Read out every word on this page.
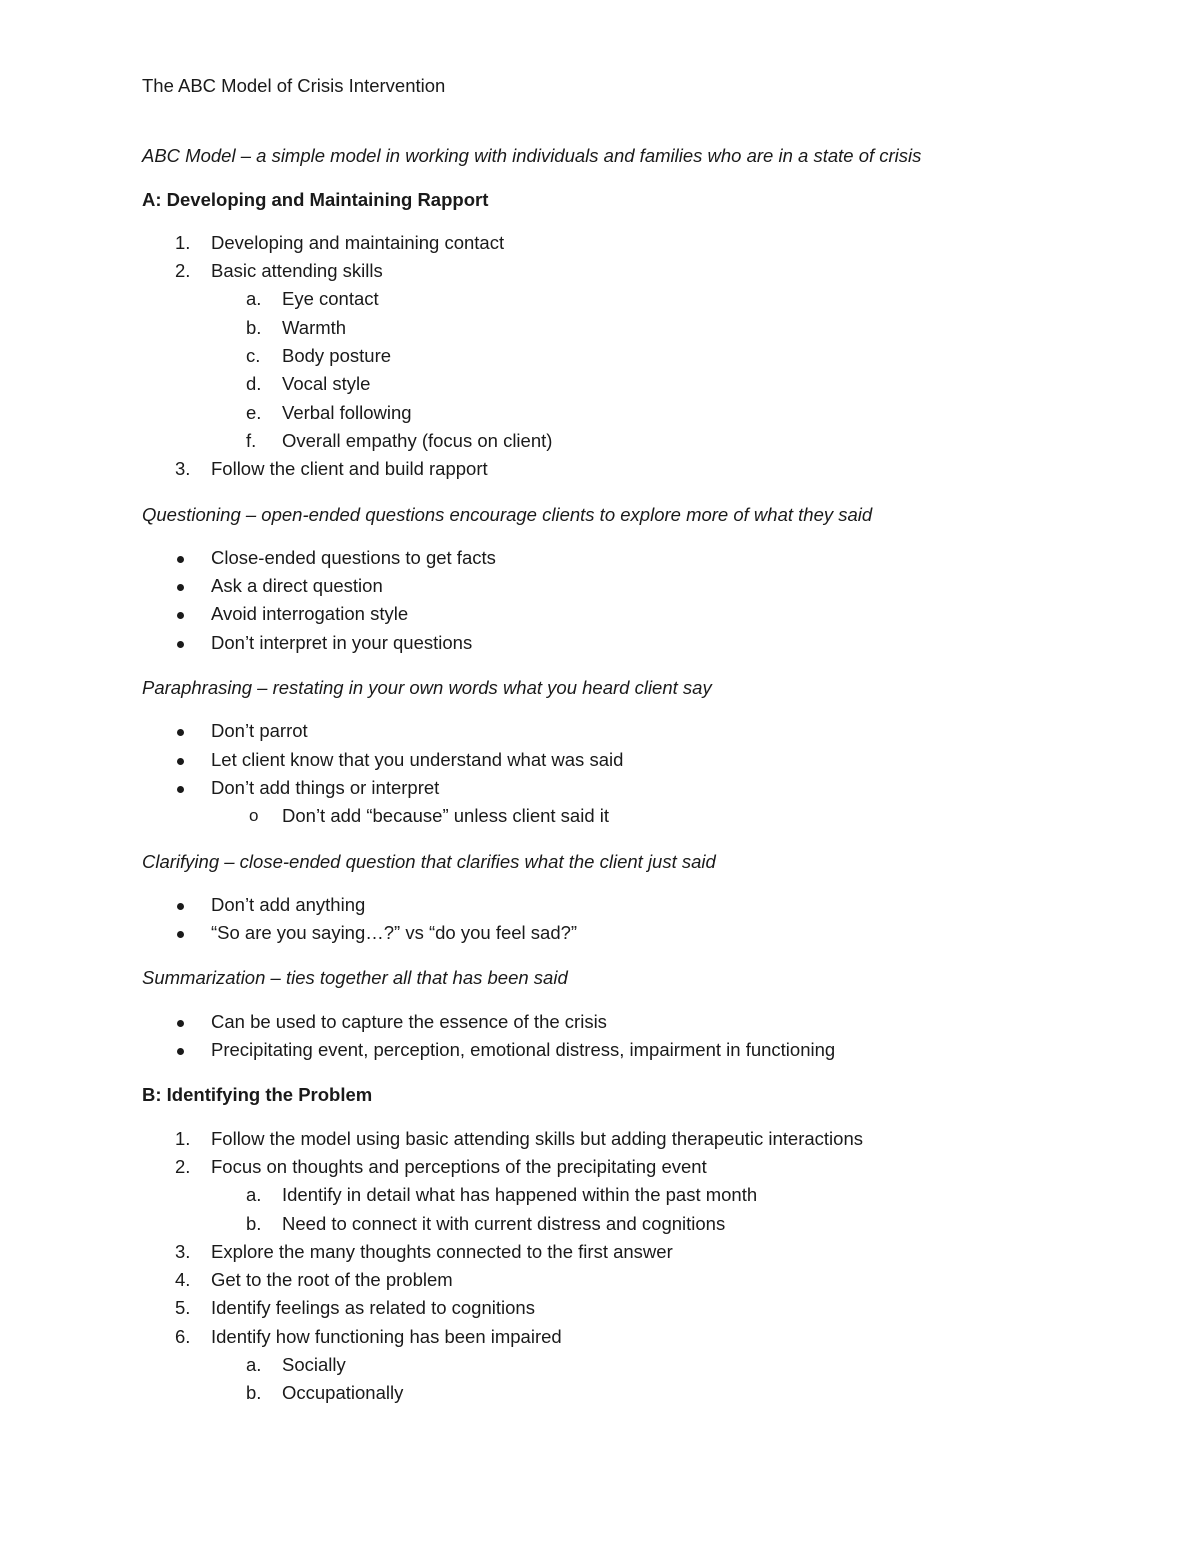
The ABC Model of Crisis Intervention
ABC Model – a simple model in working with individuals and families who are in a state of crisis
A: Developing and Maintaining Rapport
1.	Developing and maintaining contact
2.	Basic attending skills
a.	Eye contact
b.	Warmth
c.	Body posture
d.	Vocal style
e.	Verbal following
f.	Overall empathy (focus on client)
3.	Follow the client and build rapport
Questioning – open-ended questions encourage clients to explore more of what they said
Close-ended questions to get facts
Ask a direct question
Avoid interrogation style
Don’t interpret in your questions
Paraphrasing – restating in your own words what you heard client say
Don’t parrot
Let client know that you understand what was said
Don’t add things or interpret
o Don’t add “because” unless client said it
Clarifying – close-ended question that clarifies what the client just said
Don’t add anything
“So are you saying…?” vs “do you feel sad?”
Summarization – ties together all that has been said
Can be used to capture the essence of the crisis
Precipitating event, perception, emotional distress, impairment in functioning
B: Identifying the Problem
1.	Follow the model using basic attending skills but adding therapeutic interactions
2.	Focus on thoughts and perceptions of the precipitating event
a.	Identify in detail what has happened within the past month
b.	Need to connect it with current distress and cognitions
3.	Explore the many thoughts connected to the first answer
4.	Get to the root of the problem
5.	Identify feelings as related to cognitions
6.	Identify how functioning has been impaired
a.	Socially
b.	Occupationally
